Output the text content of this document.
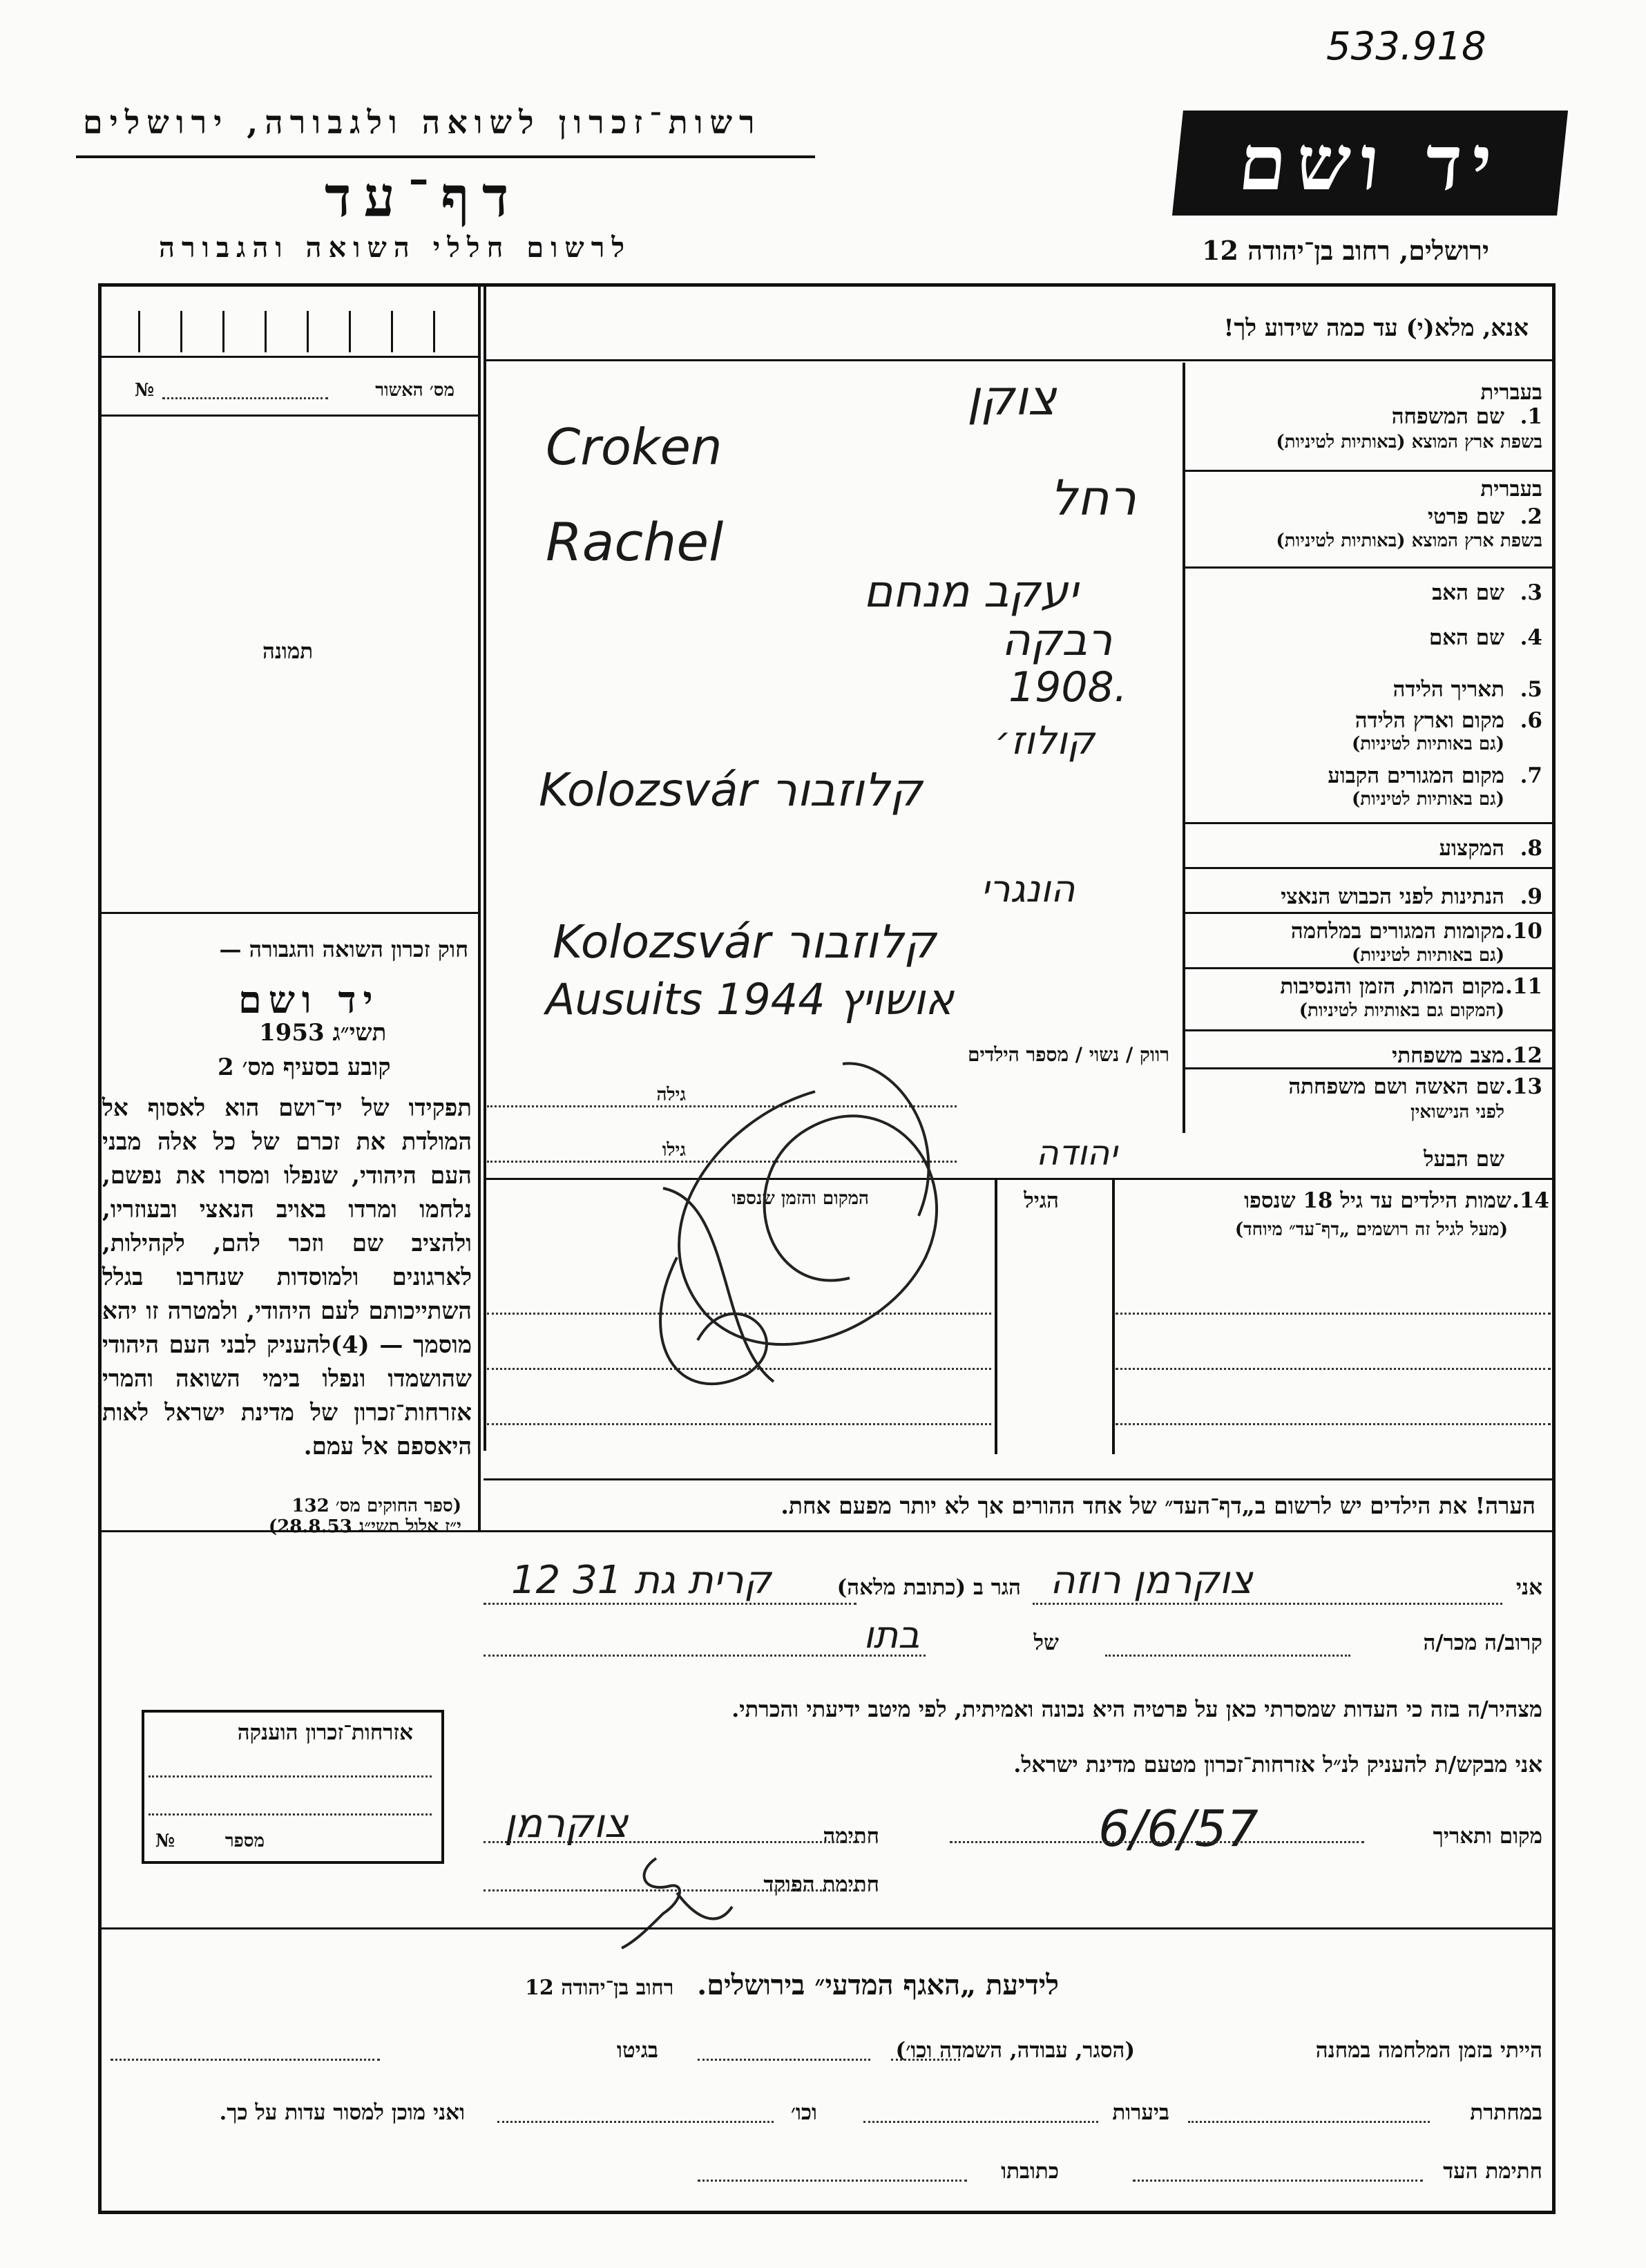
533.918
רשות־זכרון לשואה ולגבורה, ירושלים
דף־עד
לרשום חללי השואה והגבורה
יד ושם
ירושלים, רחוב בן־יהודה 12
אנא, מלא(י) עד כמה שידוע לך!
מס׳ האשור
№
תמונה
חוק זכרון השואה והגבורה —
יד ושם
תשי״ג 1953
קובע בסעיף מס׳ 2
תפקידו של יד־ושם הוא לאסוף אל המולדת את זכרם של כל אלה מבני העם היהודי, שנפלו ומסרו את נפשם, נלחמו ומרדו באויב הנאצי ובעוזריו, ולהציב שם וזכר להם, לקהילות, לארגונים ולמוסדות שנחרבו בגלל השתייכותם לעם היהודי, ולמטרה זו יהא מוסמך — (4)להעניק לבני העם היהודי שהושמדו ונפלו בימי השואה והמרי אזרחות־זכרון של מדינת ישראל לאות היאספם אל עמם.
(ספר החוקים מס׳ 132
י״ז אלול תשי״ג 28.8.53)
אזרחות־זכרון הוענקה
מספר
№
בעברית
1.
שם המשפחה
בשפת ארץ המוצא (באותיות לטיניות)
בעברית
2.
שם פרטי
בשפת ארץ המוצא (באותיות לטיניות)
3.
שם האב
4.
שם האם
5.
תאריך הלידה
6.
מקום וארץ הלידה
(גם באותיות לטיניות)
7.
מקום המגורים הקבוע
(גם באותיות לטיניות)
8.
המקצוע
9.
הנתינות לפני הכבוש הנאצי
10.
מקומות המגורים במלחמה
(גם באותיות לטיניות)
11.
מקום המות, הזמן והנסיבות
(המקום גם באותיות לטיניות)
12.
מצב משפחתי
13.
שם האשה ושם משפחתה
לפני הנישואין
שם הבעל
צוקן
Croken
רחל
Rachel
יעקב מנחם
רבקה
1908.
קולוז׳
Kolozsvár קלוזבור
הונגרי
Kolozsvár קלוזבור
Ausuits 1944 אושויץ
רווק / נשוי / מספר הילדים
יהודה
גילה
גילו
14.
שמות הילדים עד גיל 18 שנספו
(מעל לגיל זה רושמים „דף־עד״ מיוחד)
הגיל
המקום והזמן שנספו
הערה! את הילדים יש לרשום ב„דף־העד״ של אחד ההורים אך לא יותר מפעם אחת.
אני
צוקרמן רוזה
הגר ב (כתובת מלאה)
קרית גת 31 12
קרוב/ה מכר/ה
של
בתו
מצהיר/ה בזה כי העדות שמסרתי כאן על פרטיה היא נכונה ואמיתית, לפי מיטב ידיעתי והכרתי.
אני מבקש/ת להעניק לנ״ל אזרחות־זכרון מטעם מדינת ישראל.
מקום ותאריך
6/6/57
חתימה
צוקרמן
חתימת הפוקד
לידיעת „האגף המדעי״ בירושלים. רחוב בן־יהודה 12
הייתי בזמן המלחמה במחנה
(הסגר, עבודה, השמדה וכו׳)
בגיטו
במחתרת
ביערות
וכו׳
ואני מוכן למסור עדות על כך.
חתימת העד
כתובתו
